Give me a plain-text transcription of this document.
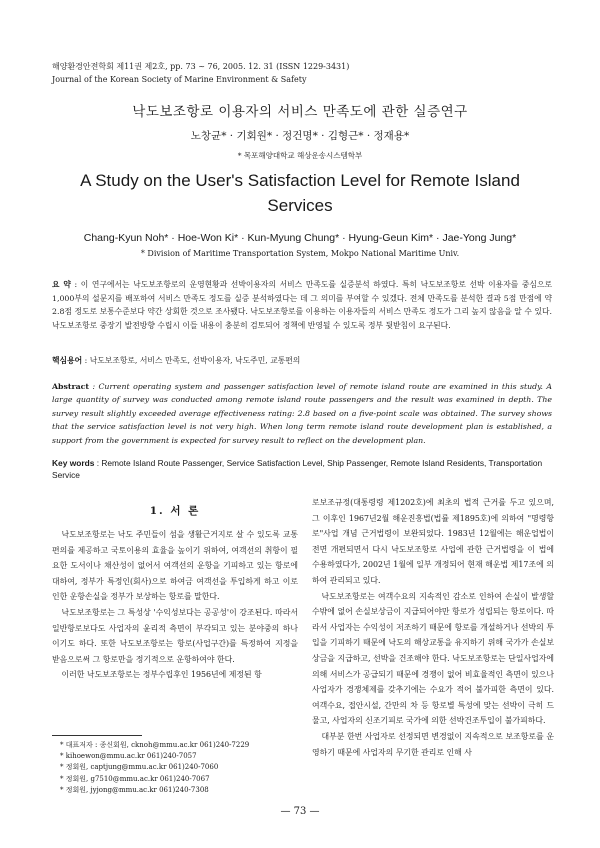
해양환경안전학회 제11권 제2호, pp. 73 ~ 76, 2005. 12. 31 (ISSN 1229-3431)
Journal of the Korean Society of Marine Environment & Safety
낙도보조항로 이용자의 서비스 만족도에 관한 실증연구
노창균* · 기회원* · 정건명* · 김형근* · 정재용*
* 목포해양대학교 해상운송시스템학부
A Study on the User's Satisfaction Level for Remote Island Services
Chang-Kyun Noh* · Hoe-Won Ki* · Kun-Myung Chung* · Hyung-Geun Kim* · Jae-Yong Jung*
* Division of Maritime Transportation System, Mokpo National Maritime Univ.
요 약 : 이 연구에서는 낙도보조항로의 운영현황과 선박이용자의 서비스 만족도를 실증분석 하였다. 특히 낙도보조항로 선박 이용자를 중심으로 1,000부의 설문지를 배포하여 서비스 만족도 정도를 실증 분석하였다는 데 그 의미를 부여할 수 있겠다. 전체 만족도를 분석한 결과 5점 만점에 약 2.8점 정도로 보통수준보다 약간 상회한 것으로 조사됐다. 낙도보조항로를 이용하는 이용자들의 서비스 만족도 정도가 그리 높지 않음을 알 수 있다. 낙도보조항로 중장기 발전방향 수립시 이들 내용이 충분히 검토되어 정책에 반영될 수 있도록 정부 뒷받침이 요구된다.
핵심용어 : 낙도보조항로, 서비스 만족도, 선박이용자, 낙도주민, 교통편의
Abstract : Current operating system and passenger satisfaction level of remote island route are examined in this study. A large quantity of survey was conducted among remote island route passengers and the result was examined in depth. The survey result slightly exceeded average effectiveness rating: 2.8 based on a five-point scale was obtained. The survey shows that the service satisfaction level is not very high. When long term remote island route development plan is established, a support from the government is expected for survey result to reflect on the development plan.
Key words : Remote Island Route Passenger, Service Satisfaction Level, Ship Passenger, Remote Island Residents, Transportation Service
1. 서 론

낙도보조항로는 낙도 주민들이 섬을 생활근거지로 살 수 있도록 교통편의를 제공하고 국토이용의 효율을 높이기 위하여, 여객선의 취항이 필요한 도서이나 채산성이 없어서 여객선의 운항을 기피하고 있는 항로에 대하여, 정부가 특정인(회사)으로 하여금 여객선을 투입하게 하고 이로 인한 운항손실을 정부가 보상하는 항로를 말한다.

낙도보조항로는 그 특성상 '수익성보다는 공공성'이 강조된다. 따라서 일반항로보다도 사업자의 윤리적 측면이 부각되고 있는 분야중의 하나이기도 하다. 또한 낙도보조항로는 항로(사업구간)를 특정하여 지정을 받음으로써 그 항로만을 정기적으로 운항하여야 한다.

이러한 낙도보조항로는 정부수립후인 1956년에 제정된 항

로보조규정(대통령령 제1202호)에 최초의 법적 근거를 두고 있으며, 그 이후인 1967년2월 해운진흥법(법률 제1895호)에 의하여 "명령항로"사업 개념 근거법령이 보완되었다. 1983년 12월에는 해운업법이 전면 개편되면서 다시 낙도보조항로 사업에 관한 근거법령을 이 법에 수용하였다가, 2002년 1월에 일부 개정되어 현재 해운법 제17조에 의하여 관리되고 있다.

낙도보조항로는 여객수요의 지속적인 감소로 인하여 손실이 발생할 수밖에 없어 손실보상금이 지급되어야만 항로가 성립되는 항로이다. 따라서 사업자는 수익성이 저조하기 때문에 항로를 개설하거나 선박의 투입을 기피하기 때문에 낙도의 해상교통을 유지하기 위해 국가가 손실보상금을 지급하고, 선박을 건조해야 한다. 낙도보조항로는 단일사업자에 의해 서비스가 공급되기 때문에 경쟁이 없어 비효율적인 측면이 있으나 사업자가 경쟁체제를 갖추기에는 수요가 적어 불가피한 측면이 있다. 여객수요, 접안시설, 간만의 차 등 항로별 특성에 맞는 선박이 극히 드물고, 사업자의 신조기피로 국가에 의한 선박건조투입이 불가피하다.

대부분 한번 사업자로 선정되면 변경없이 지속적으로 보조항로를 운영하기 때문에 사업자의 무기한 관리로 인해 사

* 대표저자 : 종신회원, cknoh@mmu.ac.kr 061)240-7229
* kihoewon@mmu.ac.kr 061)240-7057
* 정회원, captjung@mmu.ac.kr 061)240-7060
* 정회원, g7510@mmu.ac.kr 061)240-7067
* 정회원, jyjong@mmu.ac.kr 061)240-7308
— 73 —
